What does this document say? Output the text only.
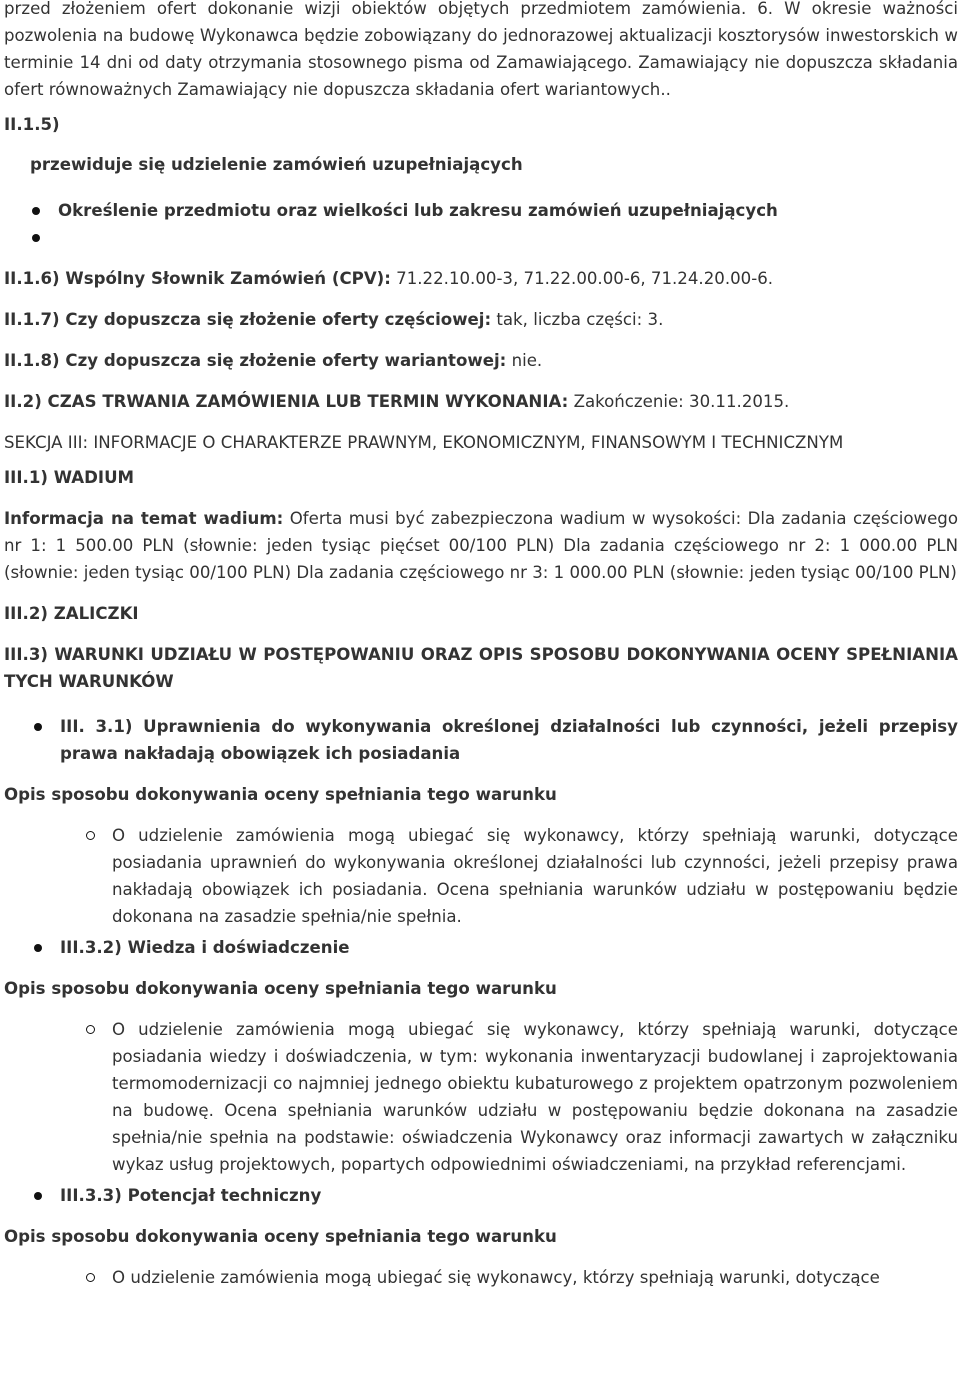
przed złożeniem ofert dokonanie wizji obiektów objętych przedmiotem zamówienia. 6. W okresie ważności pozwolenia na budowę Wykonawca będzie zobowiązany do jednorazowej aktualizacji kosztorysów inwestorskich w terminie 14 dni od daty otrzymania stosownego pisma od Zamawiającego. Zamawiający nie dopuszcza składania ofert równoważnych Zamawiający nie dopuszcza składania ofert wariantowych..

II.1.5)

przewiduje się udzielenie zamówień uzupełniających

Określenie przedmiotu oraz wielkości lub zakresu zamówień uzupełniających

II.1.6) Wspólny Słownik Zamówień (CPV): 71.22.10.00-3, 71.22.00.00-6, 71.24.20.00-6.

II.1.7) Czy dopuszcza się złożenie oferty częściowej: tak, liczba części: 3.

II.1.8) Czy dopuszcza się złożenie oferty wariantowej: nie.

II.2) CZAS TRWANIA ZAMÓWIENIA LUB TERMIN WYKONANIA: Zakończenie: 30.11.2015.

SEKCJA III: INFORMACJE O CHARAKTERZE PRAWNYM, EKONOMICZNYM, FINANSOWYM I TECHNICZNYM

III.1) WADIUM

Informacja na temat wadium: Oferta musi być zabezpieczona wadium w wysokości: Dla zadania częściowego nr 1: 1 500.00 PLN (słownie: jeden tysiąc pięćset 00/100 PLN) Dla zadania częściowego nr 2: 1 000.00 PLN (słownie: jeden tysiąc 00/100 PLN) Dla zadania częściowego nr 3: 1 000.00 PLN (słownie: jeden tysiąc 00/100 PLN)

III.2) ZALICZKI

III.3) WARUNKI UDZIAŁU W POSTĘPOWANIU ORAZ OPIS SPOSOBU DOKONYWANIA OCENY SPEŁNIANIA TYCH WARUNKÓW

III. 3.1) Uprawnienia do wykonywania określonej działalności lub czynności, jeżeli przepisy prawa nakładają obowiązek ich posiadania

Opis sposobu dokonywania oceny spełniania tego warunku

O udzielenie zamówienia mogą ubiegać się wykonawcy, którzy spełniają warunki, dotyczące posiadania uprawnień do wykonywania określonej działalności lub czynności, jeżeli przepisy prawa nakładają obowiązek ich posiadania. Ocena spełniania warunków udziału w postępowaniu będzie dokonana na zasadzie spełnia/nie spełnia.
III.3.2) Wiedza i doświadczenie

Opis sposobu dokonywania oceny spełniania tego warunku

O udzielenie zamówienia mogą ubiegać się wykonawcy, którzy spełniają warunki, dotyczące posiadania wiedzy i doświadczenia, w tym: wykonania inwentaryzacji budowlanej i zaprojektowania termomodernizacji co najmniej jednego obiektu kubaturowego z projektem opatrzonym pozwoleniem na budowę. Ocena spełniania warunków udziału w postępowaniu będzie dokonana na zasadzie spełnia/nie spełnia na podstawie: oświadczenia Wykonawcy oraz informacji zawartych w załączniku wykaz usług projektowych, popartych odpowiednimi oświadczeniami, na przykład referencjami.
III.3.3) Potencjał techniczny

Opis sposobu dokonywania oceny spełniania tego warunku

O udzielenie zamówienia mogą ubiegać się wykonawcy, którzy spełniają warunki, dotyczące
